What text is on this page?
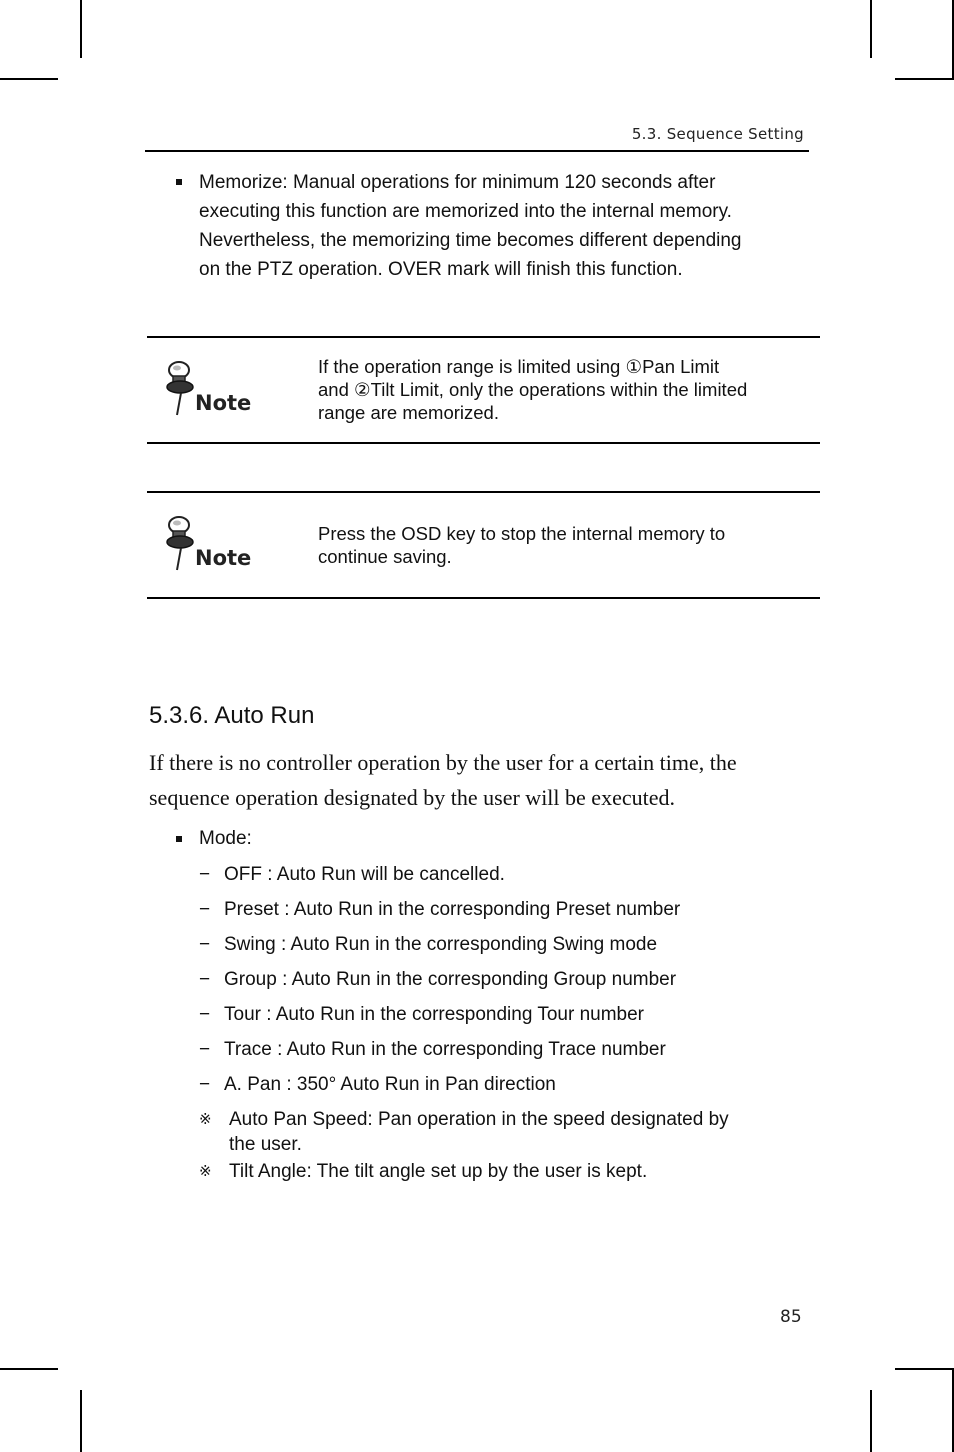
5.3. Sequence Setting
Memorize: Manual operations for minimum 120 seconds after
executing this function are memorized into the internal memory.
Nevertheless, the memorizing time becomes different depending
on the PTZ operation. OVER mark will finish this function.
Note
If the operation range is limited using ①Pan Limit
and ②Tilt Limit, only the operations within the limited
range are memorized.
Note
Press the OSD key to stop the internal memory to
continue saving.
5.3.6. Auto Run
If there is no controller operation by the user for a certain time, the
sequence operation designated by the user will be executed.
Mode:
− OFF : Auto Run will be cancelled.
− Preset : Auto Run in the corresponding Preset number
− Swing : Auto Run in the corresponding Swing mode
− Group : Auto Run in the corresponding Group number
− Tour : Auto Run in the corresponding Tour number
− Trace : Auto Run in the corresponding Trace number
− A. Pan : 350° Auto Run in Pan direction
※ Auto Pan Speed: Pan operation in the speed designated by
the user.
※ Tilt Angle: The tilt angle set up by the user is kept.
85
